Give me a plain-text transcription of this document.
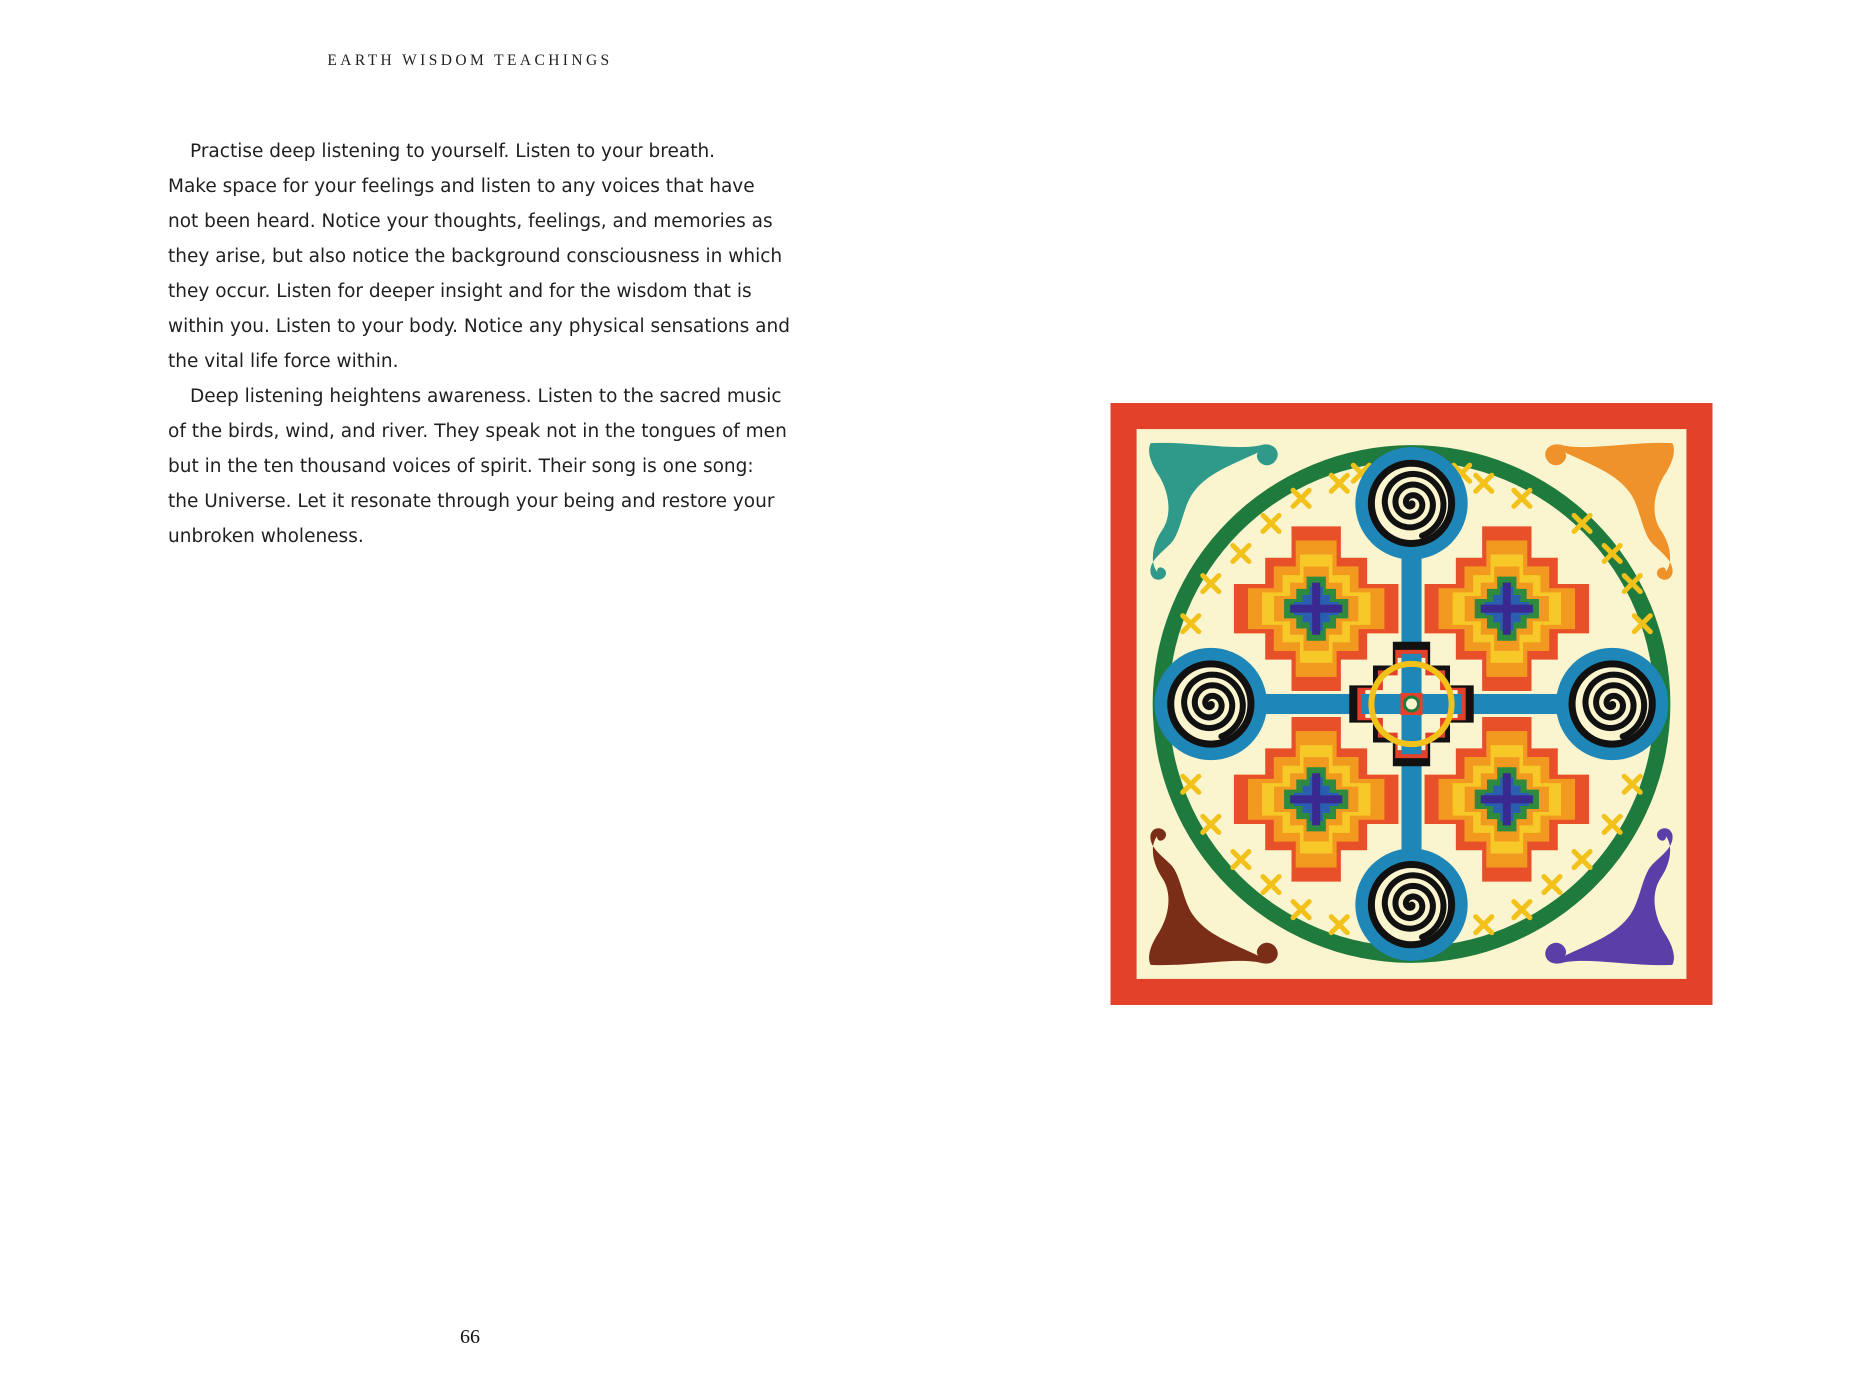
EARTH WISDOM TEACHINGS
Practise deep listening to yourself. Listen to your breath.
Make space for your feelings and listen to any voices that have
not been heard. Notice your thoughts, feelings, and memories as
they arise, but also notice the background consciousness in which
they occur. Listen for deeper insight and for the wisdom that is
within you. Listen to your body. Notice any physical sensations and
the vital life force within.
Deep listening heightens awareness. Listen to the sacred music
of the birds, wind, and river. They speak not in the tongues of men
but in the ten thousand voices of spirit. Their song is one song:
the Universe. Let it resonate through your being and restore your
unbroken wholeness.
66
